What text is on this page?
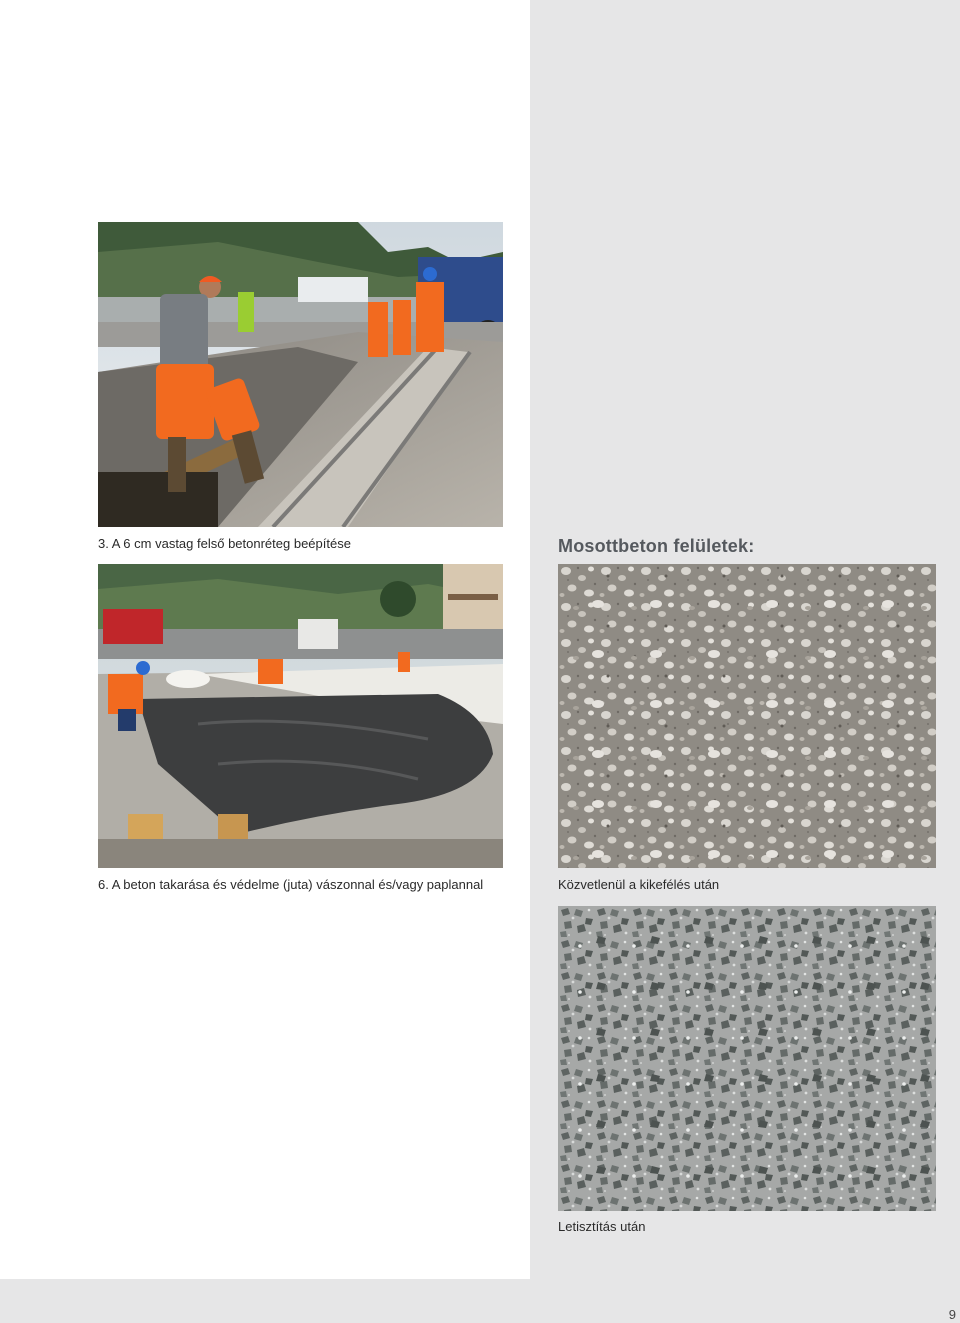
3. A 6 cm vastag felső betonréteg beépítése
6. A beton takarása és védelme (juta) vászonnal és/vagy paplannal
Mosottbeton felületek:
Közvetlenül a kikefélés után
Letisztítás után
9
